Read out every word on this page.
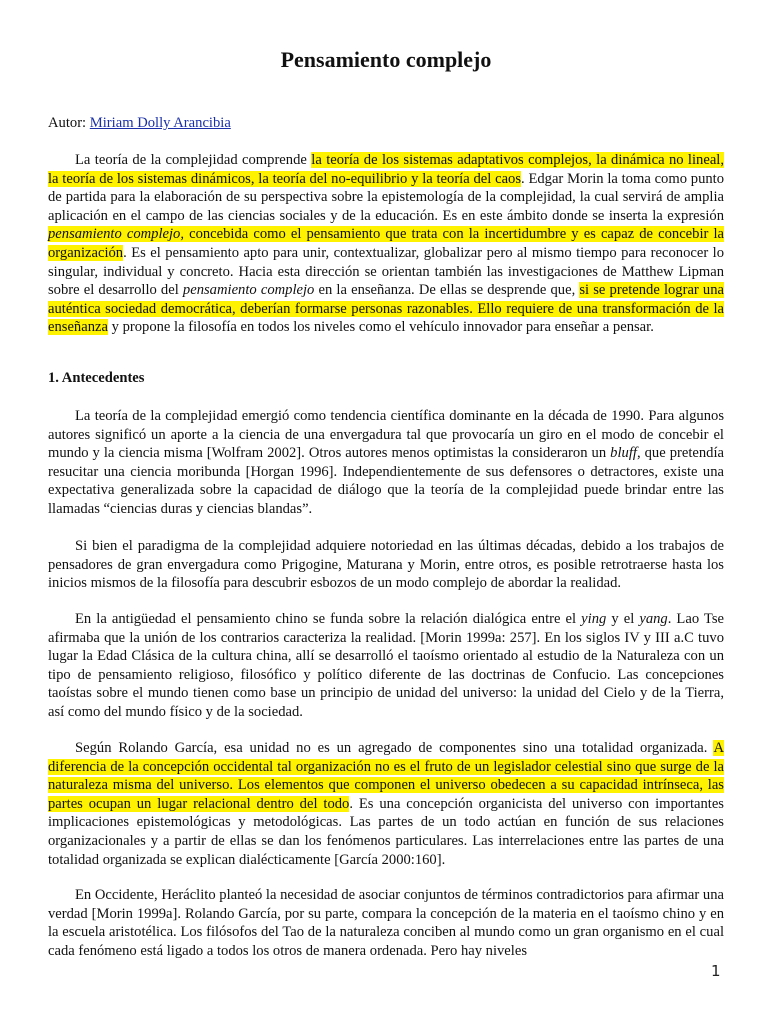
Pensamiento complejo

Autor: Miriam Dolly Arancibia

La teoría de la complejidad comprende la teoría de los sistemas adaptativos complejos, la dinámica no lineal, la teoría de los sistemas dinámicos, la teoría del no-equilibrio y la teoría del caos. Edgar Morin la toma como punto de partida para la elaboración de su perspectiva sobre la epistemología de la complejidad, la cual servirá de amplia aplicación en el campo de las ciencias sociales y de la educación. Es en este ámbito donde se inserta la expresión pensamiento complejo, concebida como el pensamiento que trata con la incertidumbre y es capaz de concebir la organización. Es el pensamiento apto para unir, contextualizar, globalizar pero al mismo tiempo para reconocer lo singular, individual y concreto. Hacia esta dirección se orientan también las investigaciones de Matthew Lipman sobre el desarrollo del pensamiento complejo en la enseñanza. De ellas se desprende que, si se pretende lograr una auténtica sociedad democrática, deberían formarse personas razonables. Ello requiere de una transformación de la enseñanza y propone la filosofía en todos los niveles como el vehículo innovador para enseñar a pensar.

1. Antecedentes

La teoría de la complejidad emergió como tendencia científica dominante en la década de 1990. Para algunos autores significó un aporte a la ciencia de una envergadura tal que provocaría un giro en el modo de concebir el mundo y la ciencia misma [Wolfram 2002]. Otros autores menos optimistas la consideraron un bluff, que pretendía resucitar una ciencia moribunda [Horgan 1996]. Independientemente de sus defensores o detractores, existe una expectativa generalizada sobre la capacidad de diálogo que la teoría de la complejidad puede brindar entre las llamadas “ciencias duras y ciencias blandas”.

Si bien el paradigma de la complejidad adquiere notoriedad en las últimas décadas, debido a los trabajos de pensadores de gran envergadura como Prigogine, Maturana y Morin, entre otros, es posible retrotraerse hasta los inicios mismos de la filosofía para descubrir esbozos de un modo complejo de abordar la realidad.

En la antigüedad el pensamiento chino se funda sobre la relación dialógica entre el ying y el yang. Lao Tse afirmaba que la unión de los contrarios caracteriza la realidad. [Morin 1999a: 257]. En los siglos IV y III a.C tuvo lugar la Edad Clásica de la cultura china, allí se desarrolló el taoísmo orientado al estudio de la Naturaleza con un tipo de pensamiento religioso, filosófico y político diferente de las doctrinas de Confucio. Las concepciones taoístas sobre el mundo tienen como base un principio de unidad del universo: la unidad del Cielo y de la Tierra, así como del mundo físico y de la sociedad.

Según Rolando García, esa unidad no es un agregado de componentes sino una totalidad organizada. A diferencia de la concepción occidental tal organización no es el fruto de un legislador celestial sino que surge de la naturaleza misma del universo. Los elementos que componen el universo obedecen a su capacidad intrínseca, las partes ocupan un lugar relacional dentro del todo. Es una concepción organicista del universo con importantes implicaciones epistemológicas y metodológicas. Las partes de un todo actúan en función de sus relaciones organizacionales y a partir de ellas se dan los fenómenos particulares. Las interrelaciones entre las partes de una totalidad organizada se explican dialécticamente [García 2000:160].

En Occidente, Heráclito planteó la necesidad de asociar conjuntos de términos contradictorios para afirmar una verdad [Morin 1999a]. Rolando García, por su parte, compara la concepción de la materia en el taoísmo chino y en la escuela aristotélica. Los filósofos del Tao de la naturaleza conciben al mundo como un gran organismo en el cual cada fenómeno está ligado a todos los otros de manera ordenada. Pero hay niveles

1
